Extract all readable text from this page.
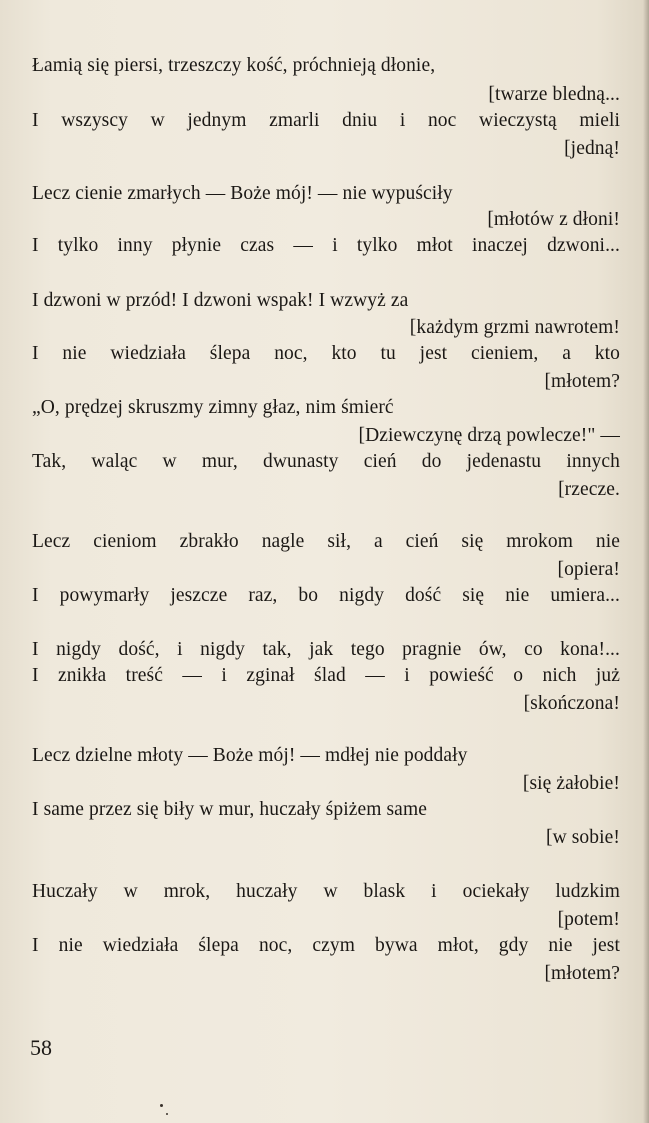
Łamią się piersi, trzeszczy kość, próchnieją dłonie,
[twarze bledną...
I wszyscy w jednym zmarli dniu i noc wieczystą mieli
[jedną!
Lecz cienie zmarłych — Boże mój! — nie wypuściły
[młotów z dłoni!
I tylko inny płynie czas — i tylko młot inaczej dzwoni...
I dzwoni w przód! I dzwoni wspak! I wzwyż za
[każdym grzmi nawrotem!
I nie wiedziała ślepa noc, kto tu jest cieniem, a kto
[młotem?
„O, prędzej skruszmy zimny głaz, nim śmierć
[Dziewczynę drzą powlecze!" —
Tak, waląc w mur, dwunasty cień do jedenastu innych
[rzecze.
Lecz cieniom zbrakło nagle sił, a cień się mrokom nie
[opiera!
I powymarły jeszcze raz, bo nigdy dość się nie umiera...
I nigdy dość, i nigdy tak, jak tego pragnie ów, co kona!...
I znikła treść — i zginał ślad — i powieść o nich już
[skończona!
Lecz dzielne młoty — Boże mój! — mdłej nie poddały
[się żałobie!
I same przez się biły w mur, huczały śpiżem same
[w sobie!
Huczały w mrok, huczały w blask i ociekały ludzkim
[potem!
I nie wiedziała ślepa noc, czym bywa młot, gdy nie jest
[młotem?
58
